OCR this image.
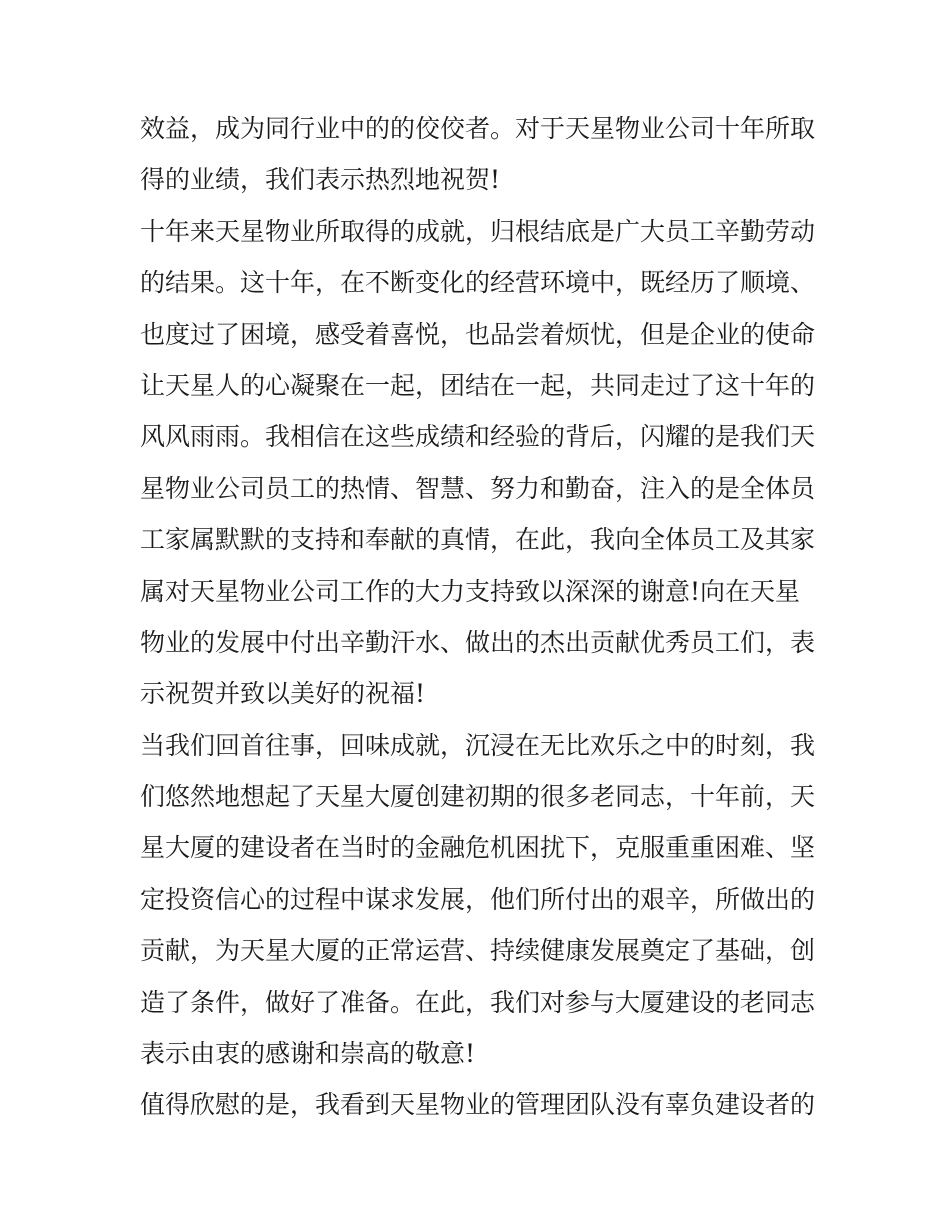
效益，成为同行业中的的佼佼者。对于天星物业公司十年所取
得的业绩，我们表示热烈地祝贺!
十年来天星物业所取得的成就，归根结底是广大员工辛勤劳动
的结果。这十年，在不断变化的经营环境中，既经历了顺境、
也度过了困境，感受着喜悦，也品尝着烦忧，但是企业的使命
让天星人的心凝聚在一起，团结在一起，共同走过了这十年的
风风雨雨。我相信在这些成绩和经验的背后，闪耀的是我们天
星物业公司员工的热情、智慧、努力和勤奋，注入的是全体员
工家属默默的支持和奉献的真情，在此，我向全体员工及其家
属对天星物业公司工作的大力支持致以深深的谢意!向在天星
物业的发展中付出辛勤汗水、做出的杰出贡献优秀员工们，表
示祝贺并致以美好的祝福!
当我们回首往事，回味成就，沉浸在无比欢乐之中的时刻，我
们悠然地想起了天星大厦创建初期的很多老同志，十年前，天
星大厦的建设者在当时的金融危机困扰下，克服重重困难、坚
定投资信心的过程中谋求发展，他们所付出的艰辛，所做出的
贡献，为天星大厦的正常运营、持续健康发展奠定了基础，创
造了条件，做好了准备。在此，我们对参与大厦建设的老同志
表示由衷的感谢和崇高的敬意!
值得欣慰的是，我看到天星物业的管理团队没有辜负建设者的
